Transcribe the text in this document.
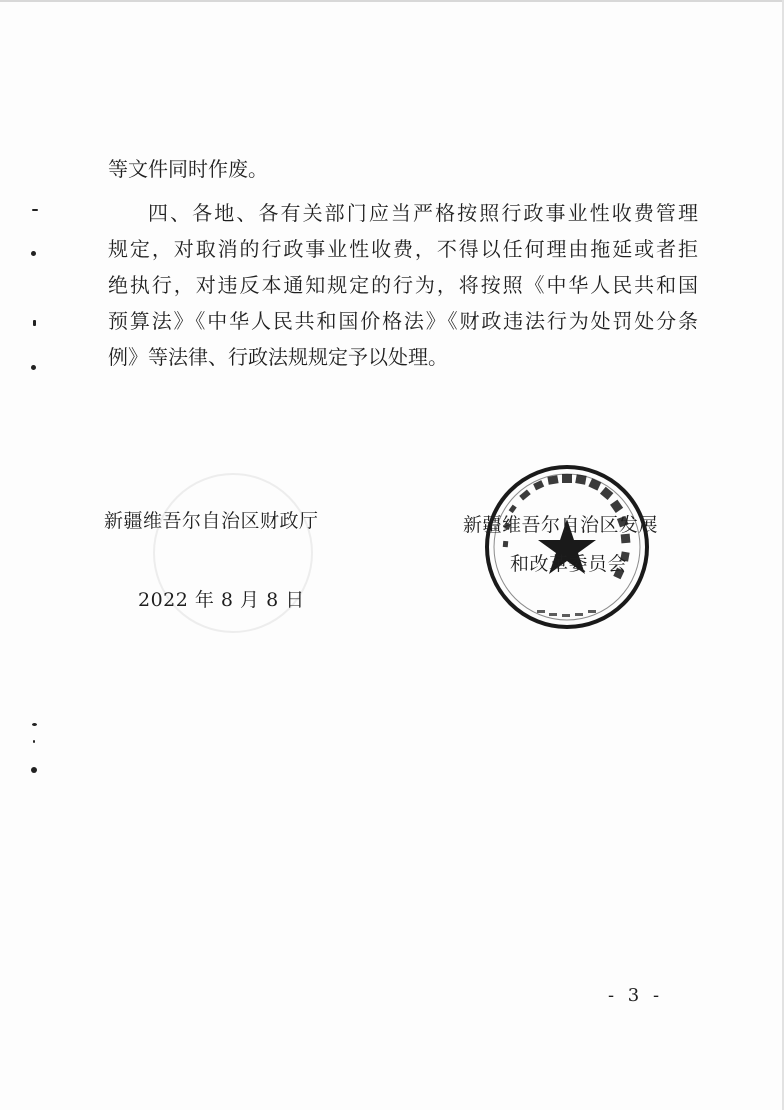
等文件同时作废。
四、各地、各有关部门应当严格按照行政事业性收费管理
规定，对取消的行政事业性收费，不得以任何理由拖延或者拒
绝执行，对违反本通知规定的行为，将按照《中华人民共和国
预算法》《中华人民共和国价格法》《财政违法行为处罚处分条
例》等法律、行政法规规定予以处理。
新疆维吾尔自治区财政厅
2022 年 8 月 8 日
新疆维吾尔自治区发展
和改革委员会
- 3 -
